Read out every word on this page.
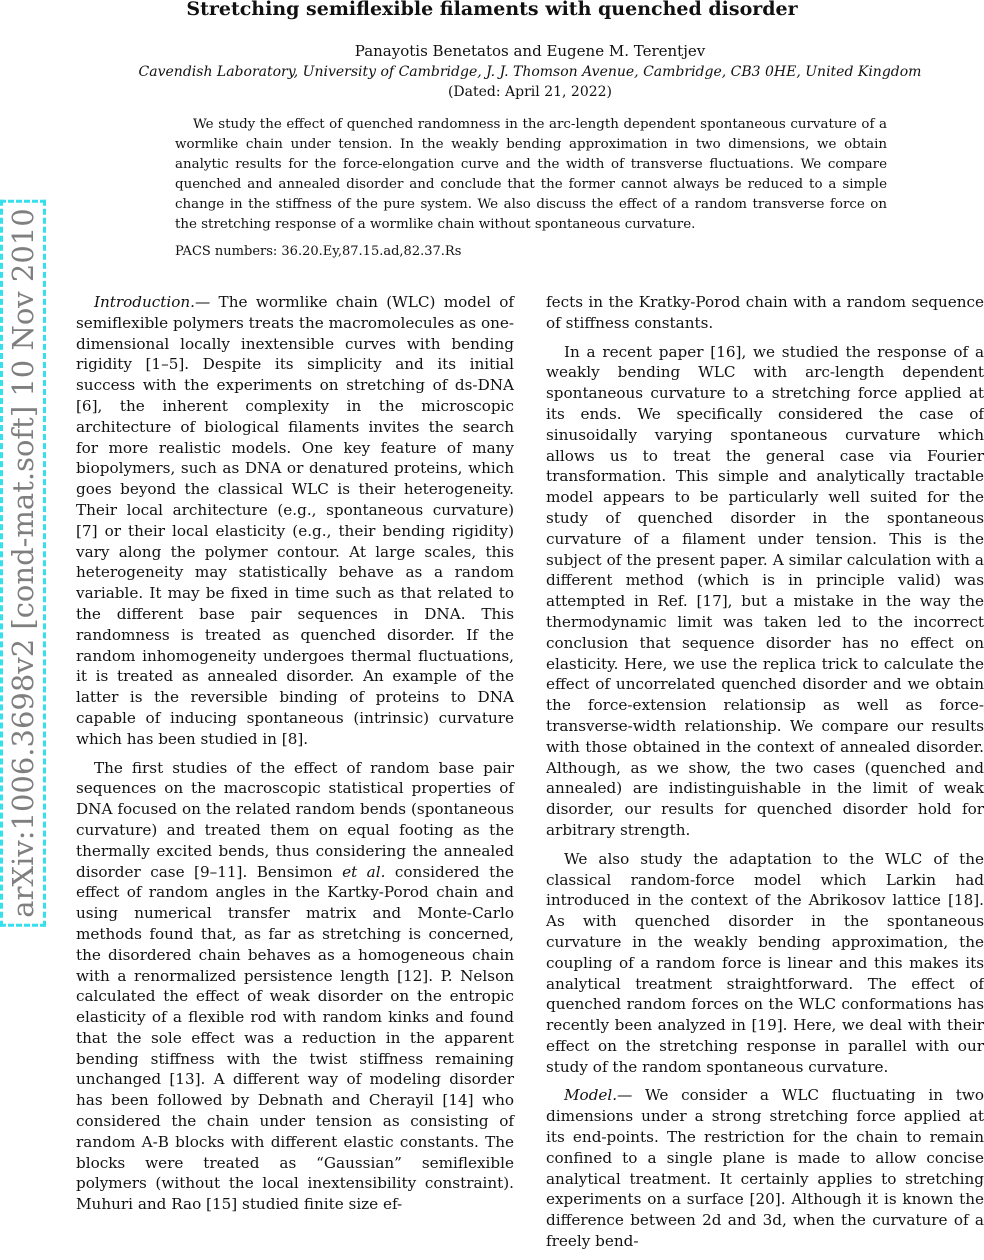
Stretching semiflexible filaments with quenched disorder
Panayotis Benetatos and Eugene M. Terentjev
Cavendish Laboratory, University of Cambridge, J. J. Thomson Avenue, Cambridge, CB3 0HE, United Kingdom
(Dated: April 21, 2022)
We study the effect of quenched randomness in the arc-length dependent spontaneous curvature of a wormlike chain under tension. In the weakly bending approximation in two dimensions, we obtain analytic results for the force-elongation curve and the width of transverse fluctuations. We compare quenched and annealed disorder and conclude that the former cannot always be reduced to a simple change in the stiffness of the pure system. We also discuss the effect of a random transverse force on the stretching response of a wormlike chain without spontaneous curvature.
PACS numbers: 36.20.Ey,87.15.ad,82.37.Rs
arXiv:1006.3698v2 [cond-mat.soft] 10 Nov 2010	Introduction.— The wormlike chain (WLC) model of semiflexible polymers treats the macromolecules as one-dimensional locally inextensible curves with bending rigidity [1–5]. Despite its simplicity and its initial success with the experiments on stretching of ds-DNA [6], the inherent complexity in the microscopic architecture of biological filaments invites the search for more realistic models. One key feature of many biopolymers, such as DNA or denatured proteins, which goes beyond the classical WLC is their heterogeneity. Their local architecture (e.g., spontaneous curvature) [7] or their local elasticity (e.g., their bending rigidity) vary along the polymer contour. At large scales, this heterogeneity may statistically behave as a random variable. It may be fixed in time such as that related to the different base pair sequences in DNA. This randomness is treated as quenched disorder. If the random inhomogeneity undergoes thermal fluctuations, it is treated as annealed disorder. An example of the latter is the reversible binding of proteins to DNA capable of inducing spontaneous (intrinsic) curvature which has been studied in [8].

The first studies of the effect of random base pair sequences on the macroscopic statistical properties of DNA focused on the related random bends (spontaneous curvature) and treated them on equal footing as the thermally excited bends, thus considering the annealed disorder case [9–11]. Bensimon et al. considered the effect of random angles in the Kartky-Porod chain and using numerical transfer matrix and Monte-Carlo methods found that, as far as stretching is concerned, the disordered chain behaves as a homogeneous chain with a renormalized persistence length [12]. P. Nelson calculated the effect of weak disorder on the entropic elasticity of a flexible rod with random kinks and found that the sole effect was a reduction in the apparent bending stiffness with the twist stiffness remaining unchanged [13]. A different way of modeling disorder has been followed by Debnath and Cherayil [14] who considered the chain under tension as consisting of random A-B blocks with different elastic constants. The blocks were treated as “Gaussian” semiflexible polymers (without the local inextensibility constraint). Muhuri and Rao [15] studied finite size ef-

fects in the Kratky-Porod chain with a random sequence of stiffness constants.

In a recent paper [16], we studied the response of a weakly bending WLC with arc-length dependent spontaneous curvature to a stretching force applied at its ends. We specifically considered the case of sinusoidally varying spontaneous curvature which allows us to treat the general case via Fourier transformation. This simple and analytically tractable model appears to be particularly well suited for the study of quenched disorder in the spontaneous curvature of a filament under tension. This is the subject of the present paper. A similar calculation with a different method (which is in principle valid) was attempted in Ref. [17], but a mistake in the way the thermodynamic limit was taken led to the incorrect conclusion that sequence disorder has no effect on elasticity. Here, we use the replica trick to calculate the effect of uncorrelated quenched disorder and we obtain the force-extension relationsip as well as force-transverse-width relationship. We compare our results with those obtained in the context of annealed disorder. Although, as we show, the two cases (quenched and annealed) are indistinguishable in the limit of weak disorder, our results for quenched disorder hold for arbitrary strength.

We also study the adaptation to the WLC of the classical random-force model which Larkin had introduced in the context of the Abrikosov lattice [18]. As with quenched disorder in the spontaneous curvature in the weakly bending approximation, the coupling of a random force is linear and this makes its analytical treatment straightforward. The effect of quenched random forces on the WLC conformations has recently been analyzed in [19]. Here, we deal with their effect on the stretching response in parallel with our study of the random spontaneous curvature.

Model.— We consider a WLC fluctuating in two dimensions under a strong stretching force applied at its end-points. The restriction for the chain to remain confined to a single plane is made to allow concise analytical treatment. It certainly applies to stretching experiments on a surface [20]. Although it is known the difference between 2d and 3d, when the curvature of a freely bend-
